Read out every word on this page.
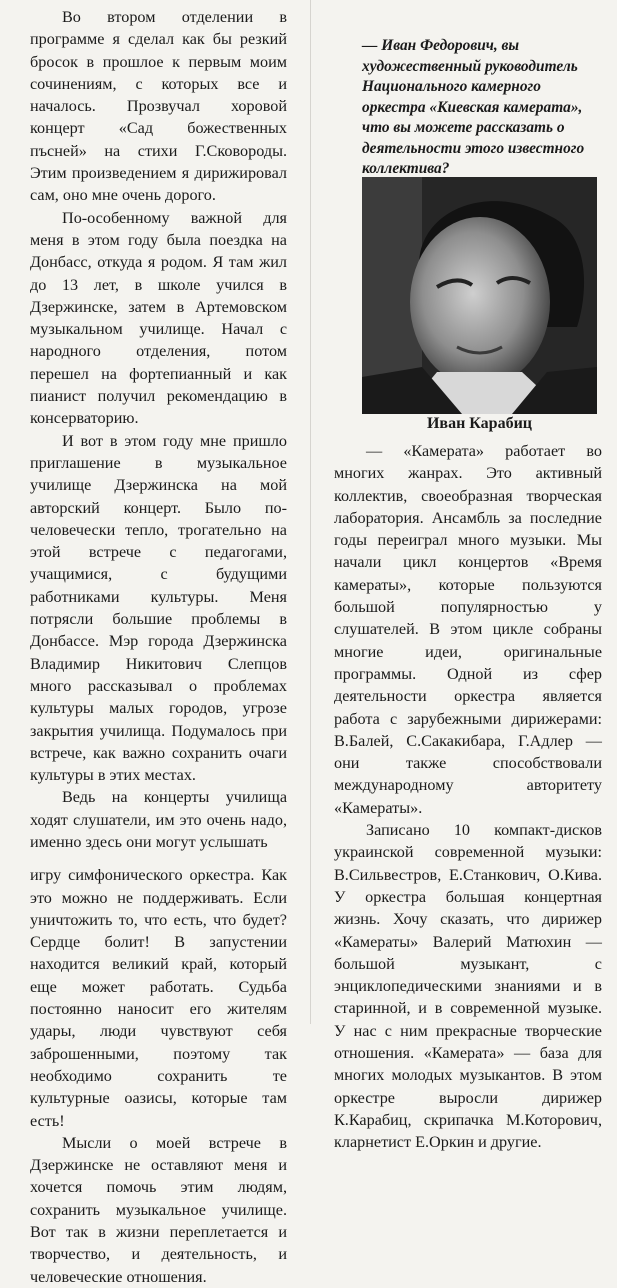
Во втором отделении в программе я сделал как бы резкий бросок в прошлое к первым моим сочинениям, с которых все и началось. Прозвучал хоровой концерт «Сад божественных пъсней» на стихи Г.Сковороды. Этим произведением я дирижировал сам, оно мне очень дорого.

По-особенному важной для меня в этом году была поездка на Донбасс, откуда я родом. Я там жил до 13 лет, в школе учился в Дзержинске, затем в Артемовском музыкальном училище. Начал с народного отделения, потом перешел на фортепианный и как пианист получил рекомендацию в консерваторию.

И вот в этом году мне пришло приглашение в музыкальное училище Дзержинска на мой авторский концерт. Было по-человечески тепло, трогательно на этой встрече с педагогами, учащимися, с будущими работниками культуры. Меня потрясли большие проблемы в Донбассе. Мэр города Дзержинска Владимир Никитович Слепцов много рассказывал о проблемах культуры малых городов, угрозе закрытия училища. Подумалось при встрече, как важно сохранить очаги культуры в этих местах.

Ведь на концерты училища ходят слушатели, им это очень надо, именно здесь они могут услышать

игру симфонического оркестра. Как это можно не поддерживать. Если уничтожить то, что есть, что будет? Сердце болит! В запустении находится великий край, который еще может работать. Судьба постоянно наносит его жителям удары, люди чувствуют себя заброшенными, поэтому так необходимо сохранить те культурные оазисы, которые там есть!

Мысли о моей встрече в Дзержинске не оставляют меня и хочется помочь этим людям, сохранить музыкальное училище. Вот так в жизни переплетается и творчество, и деятельность, и человеческие отношения.

— Иван Федорович, вы художественный руководитель Национального камерного оркестра «Киевская камерата», что вы можете рассказать о деятельности этого известного коллектива?
Иван Карабиц

— «Камерата» работает во многих жанрах. Это активный коллектив, своеобразная творческая лаборатория. Ансамбль за последние годы переиграл много музыки. Мы начали цикл концертов «Время камераты», которые пользуются большой популярностью у слушателей. В этом цикле собраны многие идеи, оригинальные программы. Одной из сфер деятельности оркестра является работа с зарубежными дирижерами: В.Балей, С.Сакакибара, Г.Адлер — они также способствовали международному авторитету «Камераты».

Записано 10 компакт-дисков украинской современной музыки: В.Сильвестров, Е.Станкович, О.Кива. У оркестра большая концертная жизнь. Хочу сказать, что дирижер «Камераты» Валерий Матюхин — большой музыкант, с энциклопедическими знаниями и в старинной, и в современной музыке. У нас с ним прекрасные творческие отношения. «Камерата» — база для многих молодых музыкантов. В этом оркестре выросли дирижер К.Карабиц, скрипачка М.Которович, кларнетист Е.Оркин и другие.
